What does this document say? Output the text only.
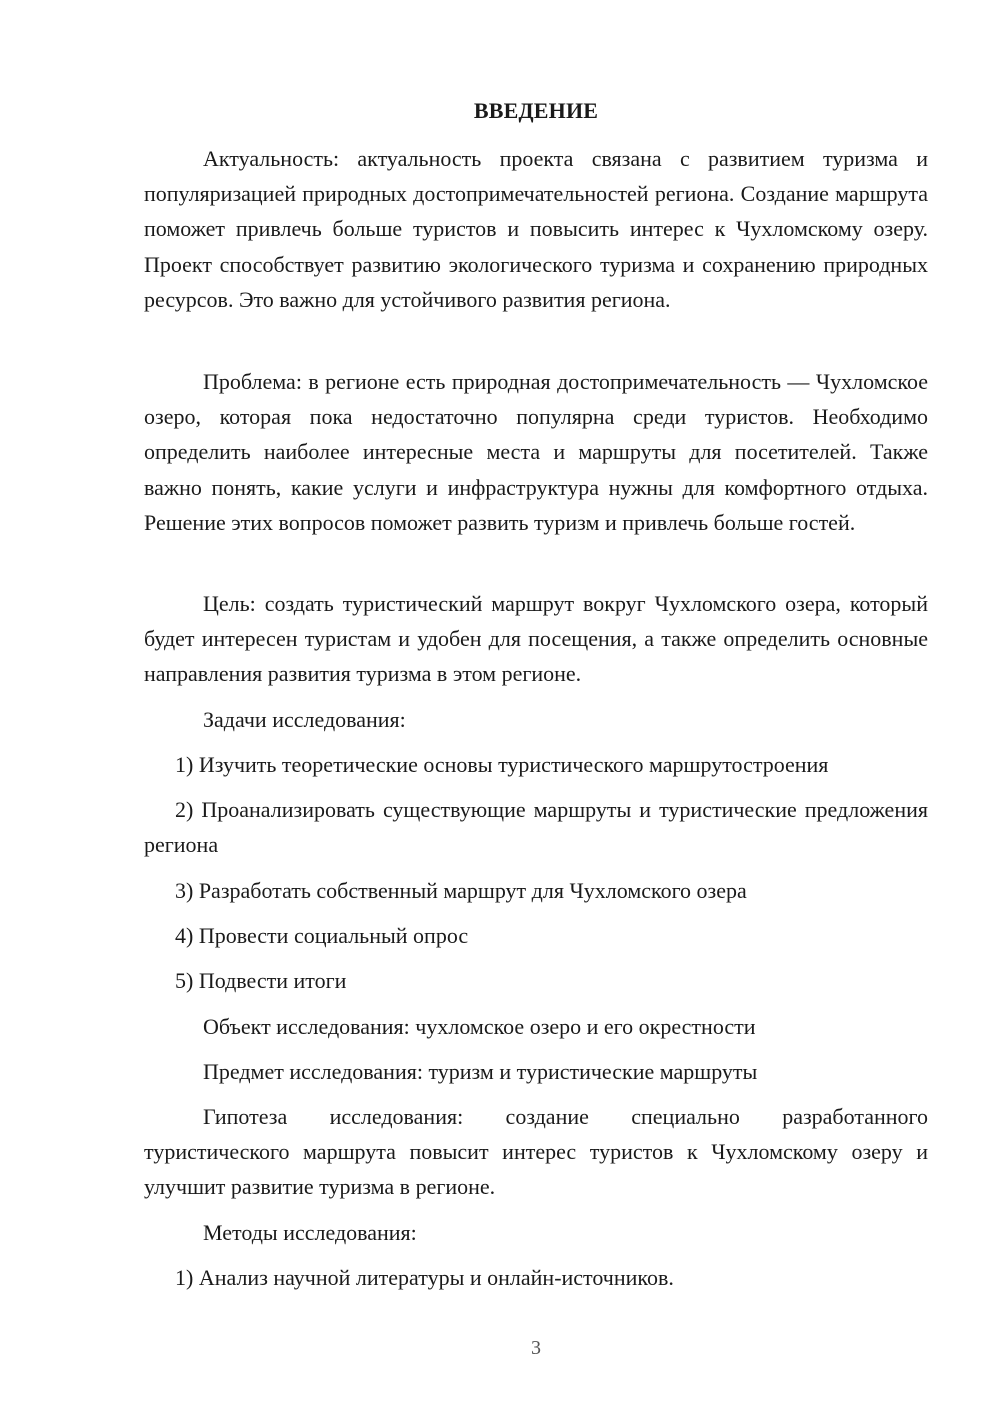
ВВЕДЕНИЕ

Актуальность: актуальность проекта связана с развитием туризма и популяризацией природных достопримечательностей региона. Создание маршрута поможет привлечь больше туристов и повысить интерес к Чухломскому озеру. Проект способствует развитию экологического туризма и сохранению природных ресурсов. Это важно для устойчивого развития региона.

Проблема: в регионе есть природная достопримечательность — Чухломское озеро, которая пока недостаточно популярна среди туристов. Необходимо определить наиболее интересные места и маршруты для посетителей. Также важно понять, какие услуги и инфраструктура нужны для комфортного отдыха. Решение этих вопросов поможет развить туризм и привлечь больше гостей.

Цель: создать туристический маршрут вокруг Чухломского озера, который будет интересен туристам и удобен для посещения, а также определить основные направления развития туризма в этом регионе.

Задачи исследования:

1) Изучить теоретические основы туристического маршрутостроения

2) Проанализировать существующие маршруты и туристические предложения региона

3) Разработать собственный маршрут для Чухломского озера

4) Провести социальный опрос

5) Подвести итоги

Объект исследования: чухломское озеро и его окрестности

Предмет исследования: туризм и туристические маршруты

Гипотеза исследования: создание специально разработанного туристического маршрута повысит интерес туристов к Чухломскому озеру и улучшит развитие туризма в регионе.

Методы исследования:

1) Анализ научной литературы и онлайн-источников.

3
